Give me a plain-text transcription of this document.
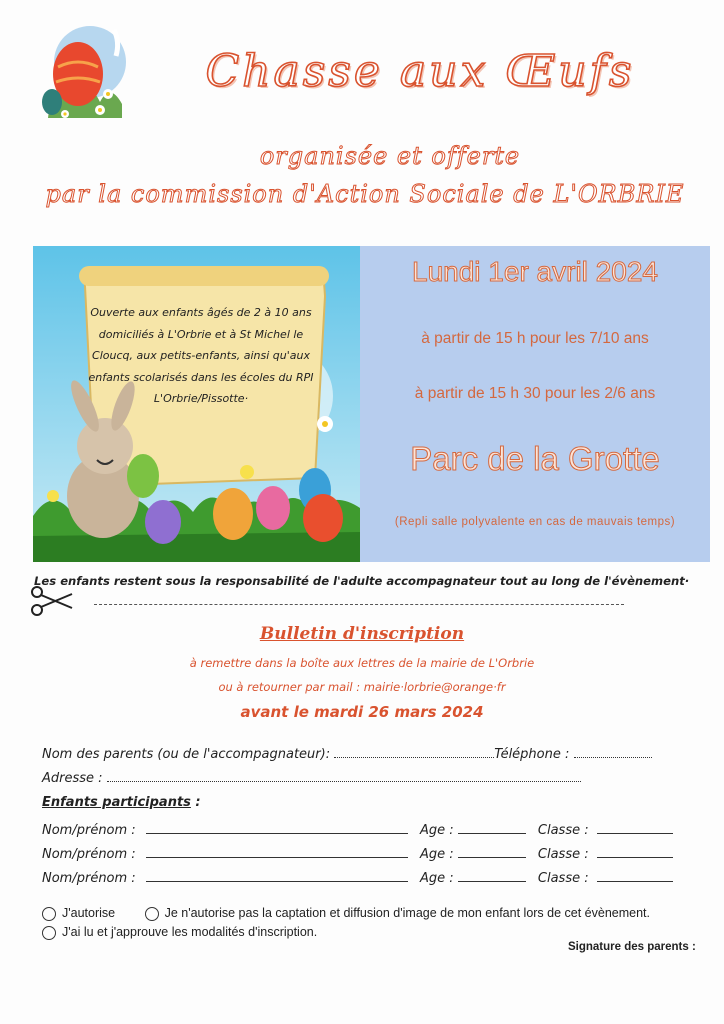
Chasse aux Œufs
organisée et offerte
par la commission d'Action Sociale de L'ORBRIE
Ouverte aux enfants âgés de 2 à 10 ans domiciliés à L'Orbrie et à St Michel le Cloucq, aux petits-enfants, ainsi qu'aux enfants scolarisés dans les écoles du RPI L'Orbrie/Pissotte·
Lundi 1er avril 2024
à partir de 15 h pour les 7/10 ans
à partir de 15 h 30 pour les 2/6 ans
Parc de la Grotte
(Repli salle polyvalente en cas de mauvais temps)
Les enfants restent sous la responsabilité de l'adulte accompagnateur tout au long de l'évènement·
Bulletin d'inscription
à remettre dans la boîte aux lettres de la mairie de L'Orbrie
ou à retourner par mail : mairie·lorbrie@orange·fr
avant le mardi 26 mars 2024
Nom des parents (ou de l'accompagnateur):	Téléphone :
Adresse :
Enfants participants :
Nom/prénom :	Age :	Classe :
Nom/prénom :	Age :	Classe :
Nom/prénom :	Age :	Classe :
J'autorise	Je n'autorise pas la captation et diffusion d'image de mon enfant lors de cet évènement.
J'ai lu et j'approuve les modalités d'inscription.
Signature des parents :
